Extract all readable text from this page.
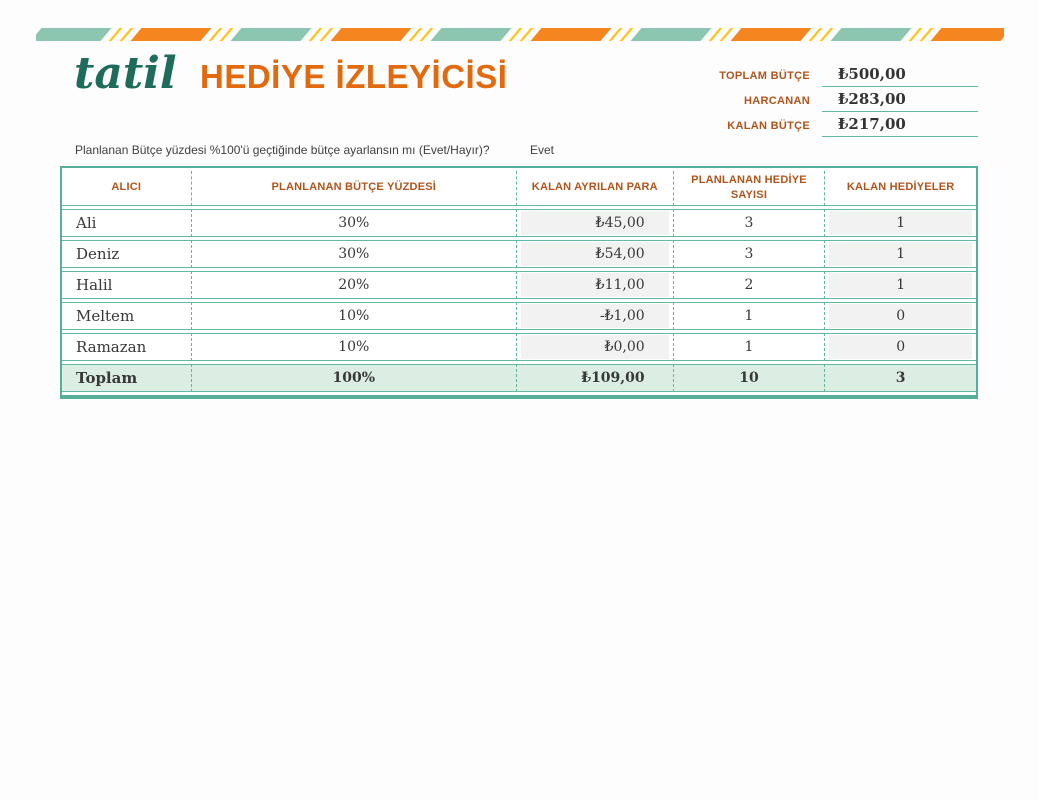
tatil HEDİYE İZLEYİCİSİ	TOPLAM BÜTÇE	₺500,00
HARCANAN	₺283,00
KALAN BÜTÇE	₺217,00
Planlanan Bütçe yüzdesi %100'ü geçtiğinde bütçe ayarlansın mı (Evet/Hayır)?	Evet
ALICI	PLANLANAN BÜTÇE YÜZDESİ	KALAN AYRILAN PARA	PLANLANAN HEDİYE SAYISI	KALAN HEDİYELER
Ali	30%	₺45,00	3	1

Deniz	30%	₺54,00	3	1

Halil	20%	₺11,00	2	1

Meltem	10%	-₺1,00	1	0

Ramazan	10%	₺0,00	1	0

Toplam	100%	₺109,00	10	3
